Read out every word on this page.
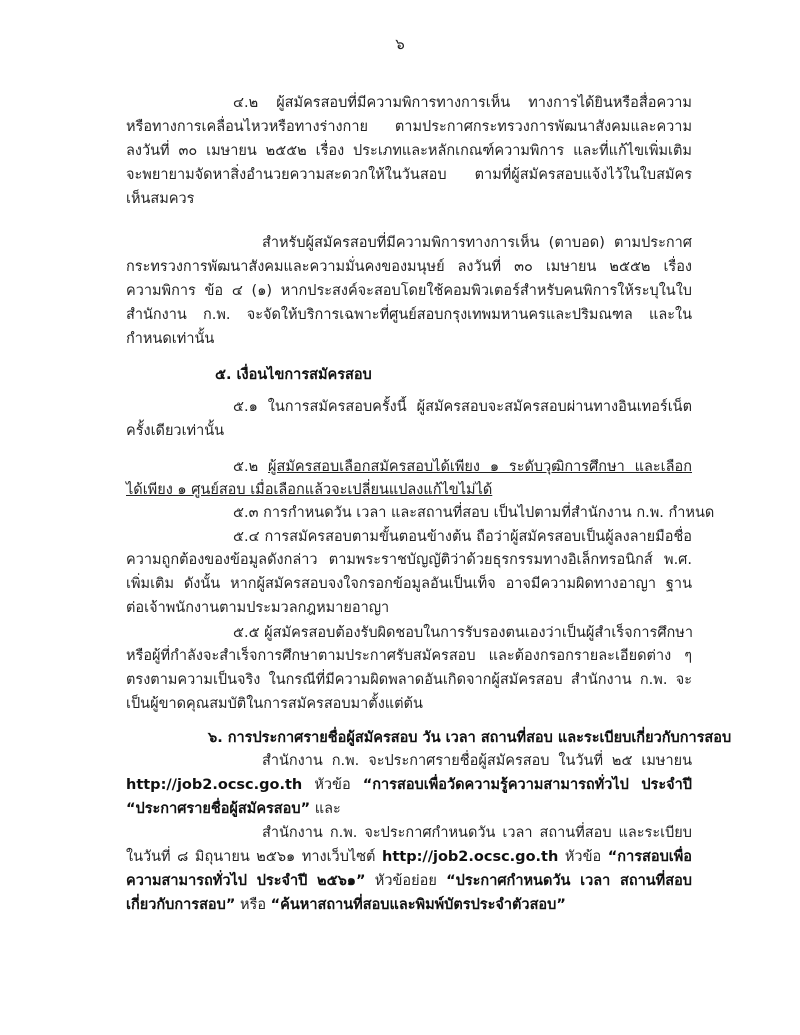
๖
๔.๒ ผู้สมัครสอบที่มีความพิการทางการเห็น ทางการได้ยินหรือสื่อความ
หรือทางการเคลื่อนไหวหรือทางร่างกาย ตามประกาศกระทรวงการพัฒนาสังคมและความ
ลงวันที่ ๓๐ เมษายน ๒๕๕๒ เรื่อง ประเภทและหลักเกณฑ์ความพิการ และที่แก้ไขเพิ่มเติม
จะพยายามจัดหาสิ่งอำนวยความสะดวกให้ในวันสอบ ตามที่ผู้สมัครสอบแจ้งไว้ในใบสมัคร
เห็นสมควร
สำหรับผู้สมัครสอบที่มีความพิการทางการเห็น (ตาบอด) ตามประกาศ
กระทรวงการพัฒนาสังคมและความมั่นคงของมนุษย์ ลงวันที่ ๓๐ เมษายน ๒๕๕๒ เรื่อง
ความพิการ ข้อ ๔ (๑) หากประสงค์จะสอบโดยใช้คอมพิวเตอร์สำหรับคนพิการให้ระบุในใบ
สำนักงาน ก.พ. จะจัดให้บริการเฉพาะที่ศูนย์สอบกรุงเทพมหานครและปริมณฑล และใน
กำหนดเท่านั้น
๕. เงื่อนไขการสมัครสอบ
๕.๑ ในการสมัครสอบครั้งนี้ ผู้สมัครสอบจะสมัครสอบผ่านทางอินเทอร์เน็ต
ครั้งเดียวเท่านั้น
๕.๒ ผู้สมัครสอบเลือกสมัครสอบได้เพียง ๑ ระดับวุฒิการศึกษา และเลือก
ได้เพียง ๑ ศูนย์สอบ เมื่อเลือกแล้วจะเปลี่ยนแปลงแก้ไขไม่ได้
๕.๓ การกำหนดวัน เวลา และสถานที่สอบ เป็นไปตามที่สำนักงาน ก.พ. กำหนด
๕.๔ การสมัครสอบตามขั้นตอนข้างต้น ถือว่าผู้สมัครสอบเป็นผู้ลงลายมือชื่อ
ความถูกต้องของข้อมูลดังกล่าว ตามพระราชบัญญัติว่าด้วยธุรกรรมทางอิเล็กทรอนิกส์ พ.ศ.
เพิ่มเติม ดังนั้น หากผู้สมัครสอบจงใจกรอกข้อมูลอันเป็นเท็จ อาจมีความผิดทางอาญา ฐาน
ต่อเจ้าพนักงานตามประมวลกฎหมายอาญา
๕.๕ ผู้สมัครสอบต้องรับผิดชอบในการรับรองตนเองว่าเป็นผู้สำเร็จการศึกษา
หรือผู้ที่กำลังจะสำเร็จการศึกษาตามประกาศรับสมัครสอบ และต้องกรอกรายละเอียดต่าง ๆ
ตรงตามความเป็นจริง ในกรณีที่มีความผิดพลาดอันเกิดจากผู้สมัครสอบ สำนักงาน ก.พ. จะ
เป็นผู้ขาดคุณสมบัติในการสมัครสอบมาตั้งแต่ต้น
๖. การประกาศรายชื่อผู้สมัครสอบ วัน เวลา สถานที่สอบ และระเบียบเกี่ยวกับการสอบ
สำนักงาน ก.พ. จะประกาศรายชื่อผู้สมัครสอบ ในวันที่ ๒๕ เมษายน
http://job2.ocsc.go.th หัวข้อ “การสอบเพื่อวัดความรู้ความสามารถทั่วไป ประจำปี
“ประกาศรายชื่อผู้สมัครสอบ” และ
สำนักงาน ก.พ. จะประกาศกำหนดวัน เวลา สถานที่สอบ และระเบียบ
ในวันที่ ๘ มิถุนายน ๒๕๖๑ ทางเว็บไซต์ http://job2.ocsc.go.th หัวข้อ “การสอบเพื่อ
ความสามารถทั่วไป ประจำปี ๒๕๖๑” หัวข้อย่อย “ประกาศกำหนดวัน เวลา สถานที่สอบ
เกี่ยวกับการสอบ” หรือ “ค้นหาสถานที่สอบและพิมพ์บัตรประจำตัวสอบ”
